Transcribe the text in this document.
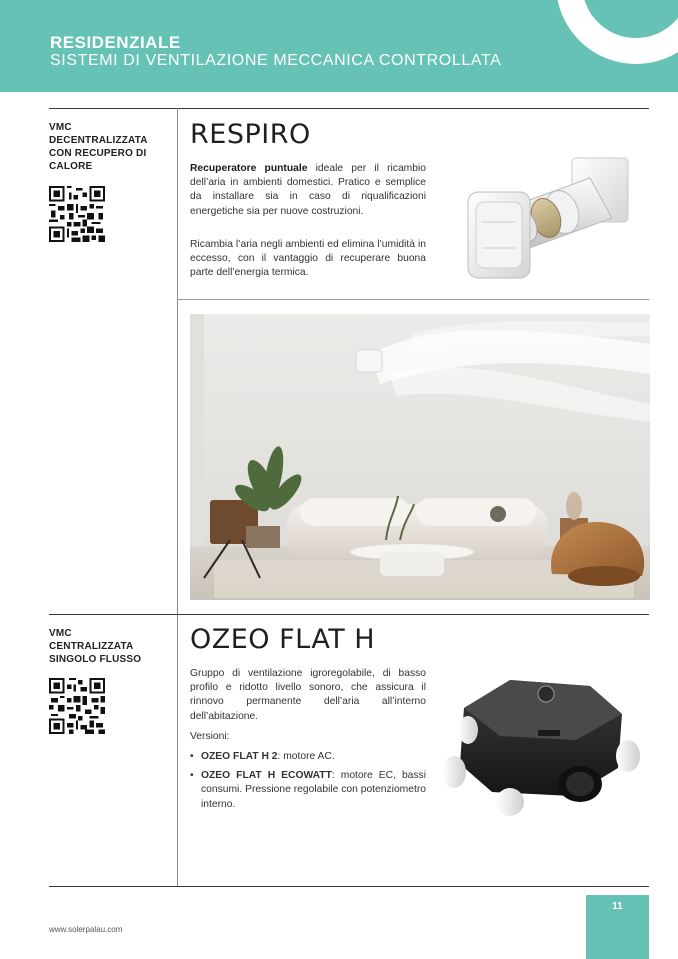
RESIDENZIALE
SISTEMI DI VENTILAZIONE MECCANICA CONTROLLATA
VMC
DECENTRALIZZATA
CON RECUPERO DI
CALORE
RESPIRO

Recuperatore puntuale ideale per il ricambio dell’aria in ambienti domestici. Pratico e semplice da installare sia in caso di riqualificazioni energetiche sia per nuove costruzioni.

Ricambia l’aria negli ambienti ed elimina l’umidità in eccesso, con il vantaggio di recuperare buona parte dell’energia termica.

VMC
CENTRALIZZATA
SINGOLO FLUSSO
OZEO FLAT H

Gruppo di ventilazione igroregolabile, di basso profilo e ridotto livello sonoro, che assicura il rinnovo permanente dell’aria all’interno dell’abitazione.

Versioni:

• OZEO FLAT H 2: motore AC.
• OZEO FLAT H ECOWATT: motore EC, bassi consumi. Pressione regolabile con potenziometro interno.
www.solerpalau.com
11
